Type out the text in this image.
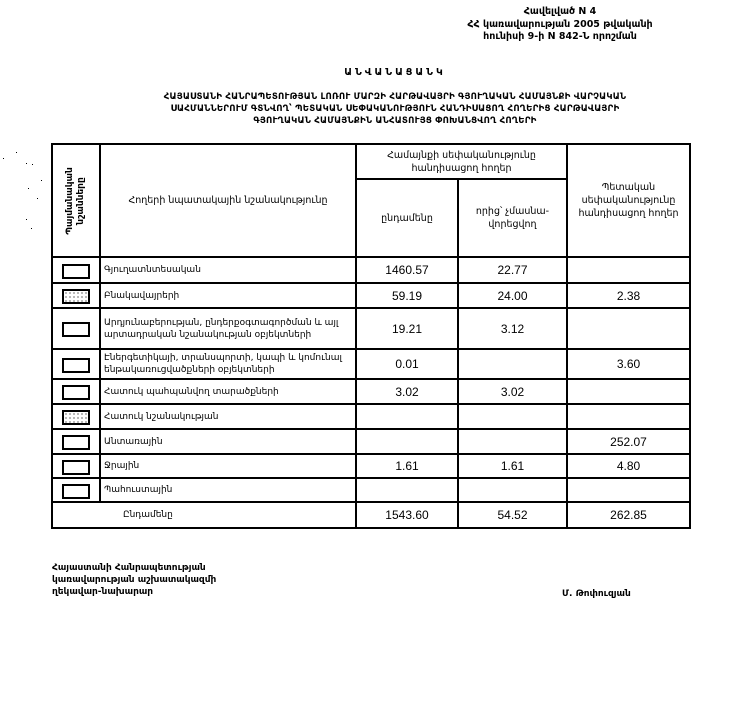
Հավելված N 4
ՀՀ կառավարության 2005 թվականի
հունիսի 9-ի N 842-Ն որոշման
ԱՆՎԱՆԱՑԱՆԿ
ՀԱՅԱՍՏԱՆԻ ՀԱՆՐԱՊԵՏՈՒԹՅԱՆ ԼՈՌՈՒ ՄԱՐԶԻ ՀԱՐԹԱՎԱՅՐԻ ԳՅՈՒՂԱԿԱՆ ՀԱՄԱՅՆՔԻ ՎԱՐՉԱԿԱՆ
ՍԱՀՄԱՆՆԵՐՈՒՄ ԳՏՆՎՈՂ՝ ՊԵՏԱԿԱՆ ՍԵՓԱԿԱՆՈՒԹՅՈՒՆ ՀԱՆԴԻՍԱՑՈՂ ՀՈՂԵՐԻՑ ՀԱՐԹԱՎԱՅՐԻ
ԳՅՈՒՂԱԿԱՆ ՀԱՄԱՅՆՔԻՆ ԱՆՀԱՏՈՒՅՑ ՓՈԽԱՆՑՎՈՂ ՀՈՂԵՐԻ
Պայմանական նշանները	Հողերի նպատակային նշանակությունը	Համայնքի սեփականությունը հանդիսացող հողեր		Պետական սեփականությունը հանդիսացող հողեր
		ընդամենը	որից՝ չմասնա-վորեցվող	
	Գյուղատնտեսական	1460.57	22.77	
	Բնակավայրերի	59.19	24.00	2.38
	Արդյունաբերության, ընդերքօգտագործման և այլ արտադրական նշանակության օբյեկտների	19.21	3.12	
	Էներգետիկայի, տրանսպորտի, կապի և կոմունալ ենթակառուցվածքների օբյեկտների	0.01		3.60
	Հատուկ պահպանվող տարածքների	3.02	3.02	
	Հատուկ նշանակության			
	Անտառային			252.07
	Ջրային	1.61	1.61	4.80
	Պահուստային			
Ընդամենը		1543.60	54.52	262.85
Հայաստանի Հանրապետության
կառավարության աշխատակազմի
ղեկավար-նախարար	Մ. Թոփուզյան
